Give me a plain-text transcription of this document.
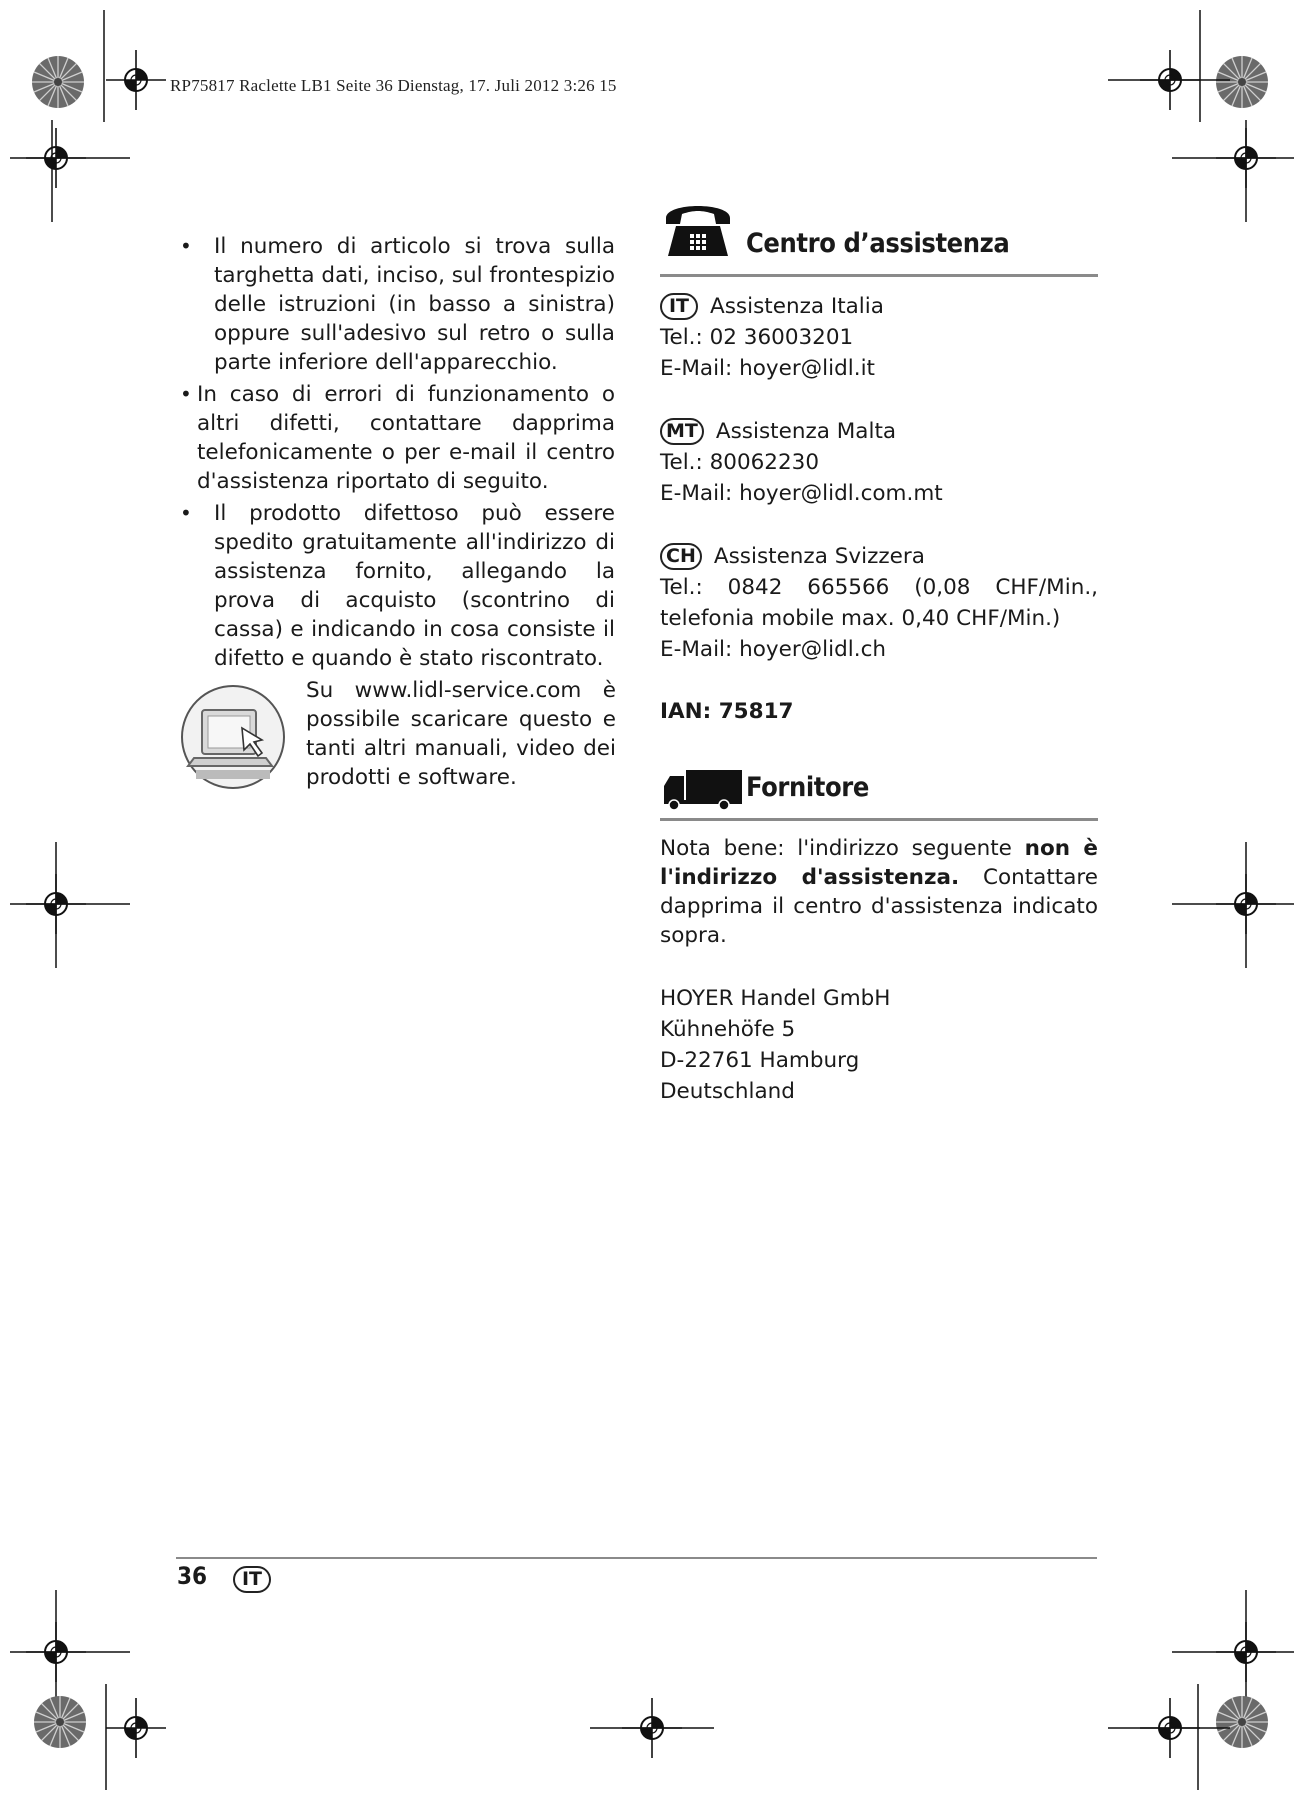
RP75817 Raclette LB1 Seite 36 Dienstag, 17. Juli 2012 3:26 15

• Il numero di articolo si trova sulla targhetta dati, inciso, sul frontespizio delle istruzioni (in basso a sinistra) oppure sull'adesivo sul retro o sulla parte inferiore dell'apparecchio.

• In caso di errori di funzionamento o altri difetti, contattare dapprima telefonicamente o per e-mail il centro d'assistenza riportato di seguito.

• Il prodotto difettoso può essere spedito gratuitamente all'indirizzo di assistenza fornito, allegando la prova di acquisto (scontrino di cassa) e indicando in cosa consiste il difetto e quando è stato riscontrato.

Su www.lidl-service.com è possibile scaricare questo e tanti altri manuali, video dei prodotti e software.
Centro d’assistenza
IT Assistenza Italia
Tel.: 02 36003201
E-Mail: hoyer@lidl.it
MT Assistenza Malta
Tel.: 80062230
E-Mail: hoyer@lidl.com.mt
CH Assistenza Svizzera
Tel.: 0842 665566 (0,08 CHF/Min.,
telefonia mobile max. 0,40 CHF/Min.)
E-Mail: hoyer@lidl.ch
IAN: 75817
Fornitore
Nota bene: l'indirizzo seguente non è l'indirizzo d'assistenza. Contattare dapprima il centro d'assistenza indicato sopra.
HOYER Handel GmbH
Kühnehöfe 5
D-22761 Hamburg
Deutschland
36	IT
